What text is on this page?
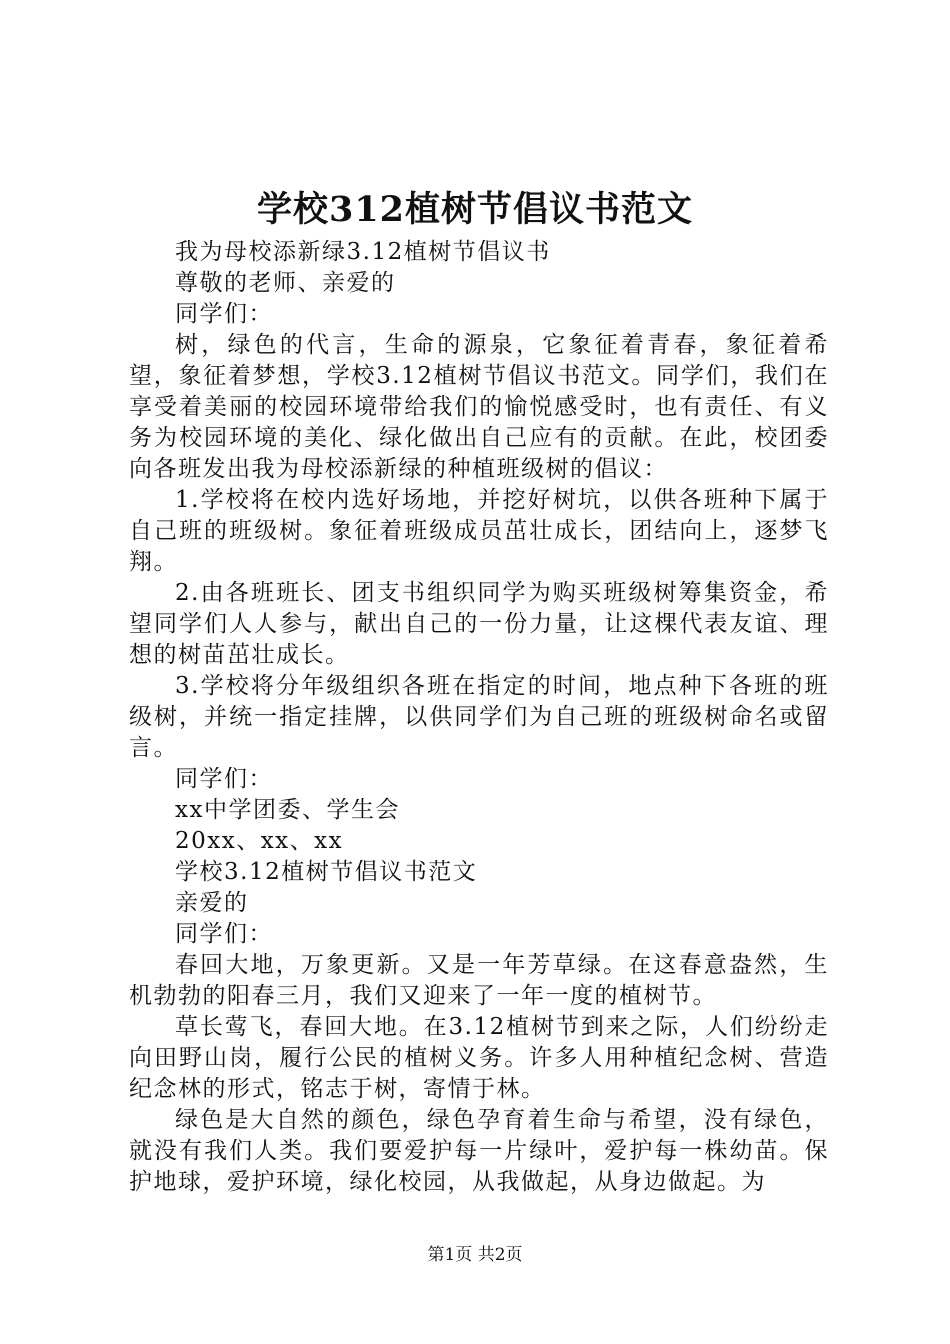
学校312植树节倡议书范文

我为母校添新绿3.12植树节倡议书

尊敬的老师、亲爱的

同学们：

树，绿色的代言，生命的源泉，它象征着青春，象征着希望，象征着梦想，学校3.12植树节倡议书范文。同学们，我们在享受着美丽的校园环境带给我们的愉悦感受时，也有责任、有义务为校园环境的美化、绿化做出自己应有的贡献。在此，校团委向各班发出我为母校添新绿的种植班级树的倡议：

1.学校将在校内选好场地，并挖好树坑，以供各班种下属于自己班的班级树。象征着班级成员茁壮成长，团结向上，逐梦飞翔。

2.由各班班长、团支书组织同学为购买班级树筹集资金，希望同学们人人参与，献出自己的一份力量，让这棵代表友谊、理想的树苗茁壮成长。

3.学校将分年级组织各班在指定的时间，地点种下各班的班级树，并统一指定挂牌，以供同学们为自己班的班级树命名或留言。

同学们：

xx中学团委、学生会

20xx、xx、xx

学校3.12植树节倡议书范文

亲爱的

同学们：

春回大地，万象更新。又是一年芳草绿。在这春意盎然，生机勃勃的阳春三月，我们又迎来了一年一度的植树节。

草长莺飞，春回大地。在3.12植树节到来之际，人们纷纷走向田野山岗，履行公民的植树义务。许多人用种植纪念树、营造纪念林的形式，铭志于树，寄情于林。

绿色是大自然的颜色，绿色孕育着生命与希望，没有绿色，就没有我们人类。我们要爱护每一片绿叶，爱护每一株幼苗。保护地球，爱护环境，绿化校园，从我做起，从身边做起。为

第1页 共2页
